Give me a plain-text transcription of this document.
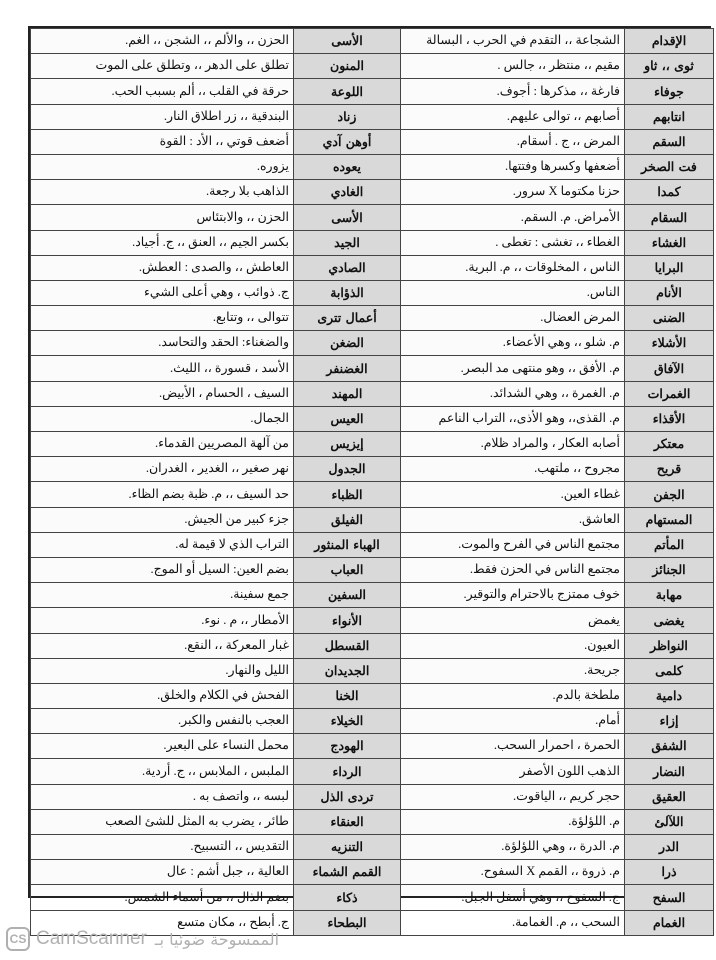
الإقدام	الشجاعة ،، التقدم في الحرب ، البسالة	الأسى	الحزن ،، والألم ،، الشجن ،، الغم.
ثوى ،، ثاو	مقيم ،، منتظر ،، جالس .	المنون	تطلق على الدهر ،، وتطلق على الموت
جوفاء	فارغة ،، مذكرها : أجوف.	اللوعة	حرقة في القلب ،، ألم بسبب الحب.
انتابهم	أصابهم ،، توالى عليهم.	زناد	البندقية ،، زر اطلاق النار.
السقم	المرض ،، ج . أسقام.	أوهن آدي	أضعف قوتي ،، الأد : القوة
فت الصخر	أضعفها وكسرها وفتتها.	يعوده	يزوره.
كمدا	حزنا مكتوما X سرور.	الغادي	الذاهب بلا رجعة.
السقام	الأمراض. م. السقم.	الأسى	الحزن ،، والابتئاس
الغشاء	الغطاء ،، تغشى : تغطى .	الجيد	بكسر الجيم ،، العنق ،، ج. أجياد.
البرايا	الناس ، المخلوقات ،، م. البرية.	الصادي	العاطش ،، والصدى : العطش.
الأنام	الناس.	الذؤابة	ج. ذوائب ، وهي أعلى الشيء
الضنى	المرض العضال.	أعمال تترى	تتوالى ،، وتتابع.
الأشلاء	م. شلو ،، وهي الأعضاء.	الضغن	والضغناء: الحقد والتحاسد.
الآفاق	م. الأفق ،، وهو منتهى مد البصر.	الغضنفر	الأسد ، قسورة ،، الليث.
الغمرات	م. الغمرة ،، وهي الشدائد.	المهند	السيف ، الحسام ، الأبيض.
الأقذاء	م. القذى،، وهو الأذى،، التراب الناعم	العيس	الجمال.
معتكر	أصابه العكار ، والمراد ظلام.	إيزيس	من آلهة المصريين القدماء.
قريح	مجروح ،، ملتهب.	الجدول	نهر صغير ،، الغدير ، الغدران.
الجفن	غطاء العين.	الظباء	حد السيف ،، م. ظبة بضم الظاء.
المستهام	العاشق.	الفيلق	جزء كبير من الجيش.
المأتم	مجتمع الناس في الفرح والموت.	الهباء المنثور	التراب الذي لا قيمة له.
الجنائز	مجتمع الناس في الحزن فقط.	العباب	بضم العين: السيل أو الموج.
مهابة	خوف ممتزج بالاحترام والتوقير.	السفين	جمع سفينة.
يغضى	يغمض	الأنواء	الأمطار ،، م . نوء.
النواظر	العيون.	القسطل	غبار المعركة ،، النقع.
كلمى	جريحة.	الجديدان	الليل والنهار.
دامية	ملطخة بالدم.	الخنا	الفحش في الكلام والخلق.
إزاء	أمام.	الخيلاء	العجب بالنفس والكبر.
الشفق	الحمرة ، احمرار السحب.	الهودج	محمل النساء على البعير.
النضار	الذهب اللون الأصفر	الرداء	الملبس ، الملابس ،، ج. أردية.
العقيق	حجر كريم ،، الياقوت.	تردى الذل	لبسه ،، واتصف به .
اللآلئ	م. اللؤلؤة.	العنقاء	طائر ، يضرب به المثل للشئ الصعب
الدر	م. الدرة ،، وهي اللؤلؤة.	التنزيه	التقديس ،، التسبيح.
ذرا	م. ذروة ،، القمم X السفوح.	القمم الشماء	العالية ،، جبل أشم : عال
السفح	ج. السفوح ،، وهي أسفل الجبل.	ذكاء	بضم الذال ،، من أسماء الشمس.
الغمام	السحب ،، م. الغمامة.	البطحاء	ج. أبطح ،، مكان متسع
CS CamScanner الممسوحة ضوئيا بـ
